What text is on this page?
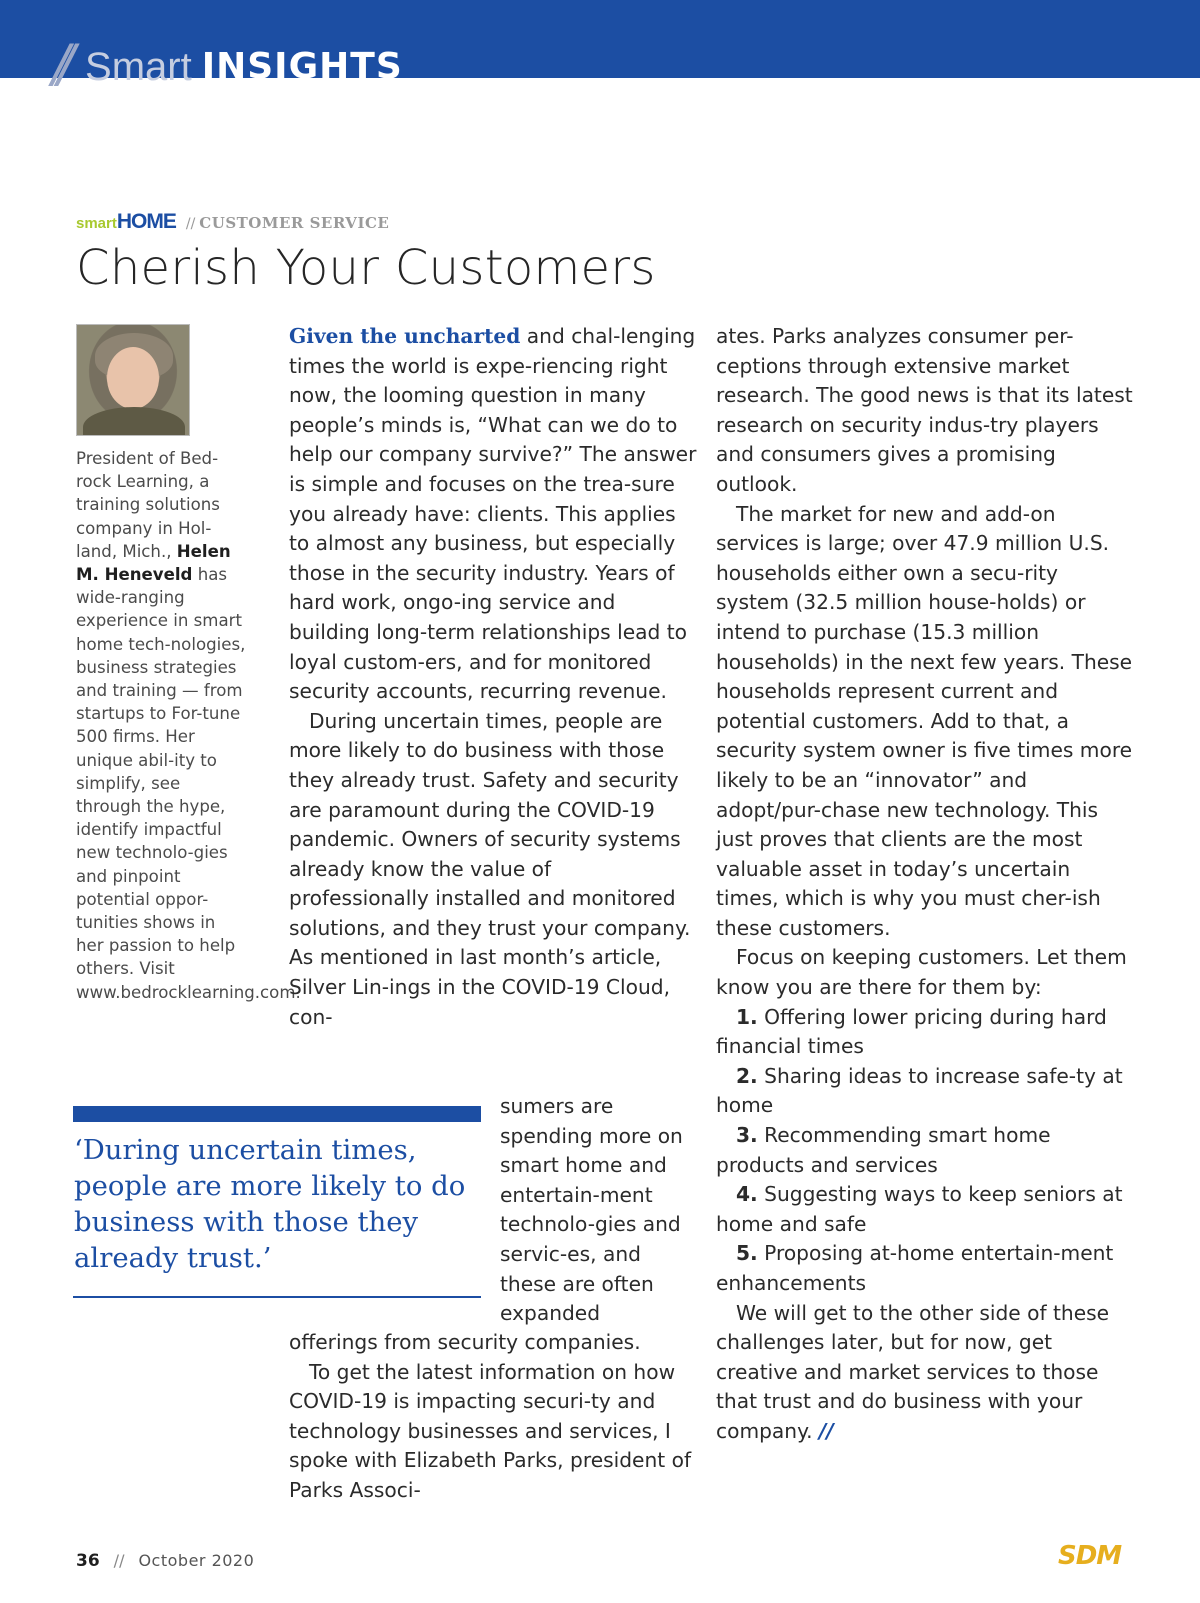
// Smart INSIGHTS
smart HOME // CUSTOMER SERVICE
Cherish Your Customers

President of Bed-rock Learning, a training solutions company in Hol-land, Mich., Helen M. Heneveld has wide-ranging experience in smart home tech-nologies, business strategies and training — from startups to For-tune 500 firms. Her unique abil-ity to simplify, see through the hype, identify impactful new technolo-gies and pinpoint potential oppor-tunities shows in her passion to help others. Visit www.bedrocklearning.com.

Given the uncharted and chal-lenging times the world is expe-riencing right now, the looming question in many people’s minds is, “What can we do to help our company survive?” The answer is simple and focuses on the trea-sure you already have: clients. This applies to almost any business, but especially those in the security industry. Years of hard work, ongo-ing service and building long-term relationships lead to loyal custom-ers, and for monitored security accounts, recurring revenue.

During uncertain times, people are more likely to do business with those they already trust. Safety and security are paramount during the COVID-19 pandemic. Owners of security systems already know the value of professionally installed and monitored solutions, and they trust your company. As mentioned in last month’s article, Silver Lin-ings in the COVID-19 Cloud, con-

‘During uncertain times, people are more likely to do business with those they already trust.’

sumers are spending more on smart home and entertain-ment technolo-gies and servic-es, and these are often expanded

offerings from security companies.

To get the latest information on how COVID-19 is impacting securi-ty and technology businesses and services, I spoke with Elizabeth Parks, president of Parks Associ-

ates. Parks analyzes consumer per-ceptions through extensive market research. The good news is that its latest research on security indus-try players and consumers gives a promising outlook.

The market for new and add-on services is large; over 47.9 million U.S. households either own a secu-rity system (32.5 million house-holds) or intend to purchase (15.3 million households) in the next few years. These households represent current and potential customers. Add to that, a security system owner is five times more likely to be an “innovator” and adopt/pur-chase new technology. This just proves that clients are the most valuable asset in today’s uncertain times, which is why you must cher-ish these customers.

Focus on keeping customers. Let them know you are there for them by:

1. Offering lower pricing during hard financial times

2. Sharing ideas to increase safe-ty at home

3. Recommending smart home products and services

4. Suggesting ways to keep seniors at home and safe

5. Proposing at-home entertain-ment enhancements

We will get to the other side of these challenges later, but for now, get creative and market services to those that trust and do business with your company. //

36 // October 2020	SDM
